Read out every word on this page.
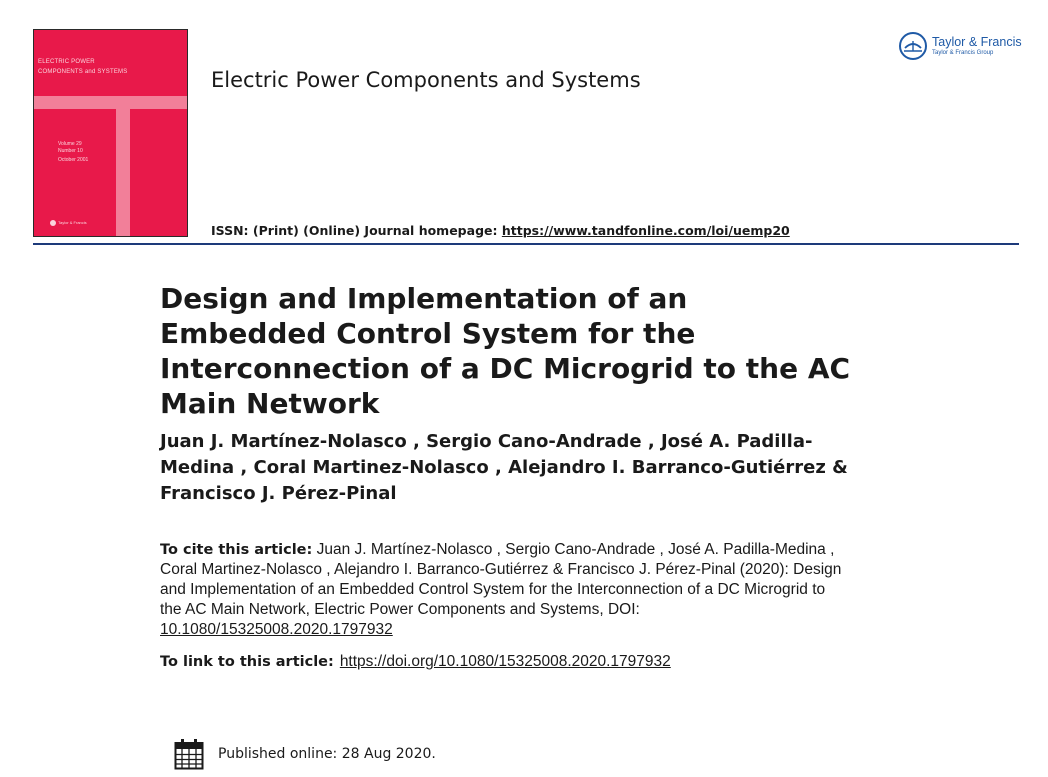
ELECTRIC POWER
COMPONENTS and SYSTEMS
Volume 29
Number 10
October 2001
Taylor & Francis
Electric Power Components and Systems
ISSN: (Print) (Online) Journal homepage: https://www.tandfonline.com/loi/uemp20
Taylor & Francis
Taylor & Francis Group
Design and Implementation of an Embedded Control System for the Interconnection of a DC Microgrid to the AC Main Network

Juan J. Martínez-Nolasco , Sergio Cano-Andrade , José A. Padilla-Medina , Coral Martinez-Nolasco , Alejandro I. Barranco-Gutiérrez & Francisco J. Pérez-Pinal

To cite this article: Juan J. Martínez-Nolasco , Sergio Cano-Andrade , José A. Padilla-Medina , Coral Martinez-Nolasco , Alejandro I. Barranco-Gutiérrez & Francisco J. Pérez-Pinal (2020): Design and Implementation of an Embedded Control System for the Interconnection of a DC Microgrid to the AC Main Network, Electric Power Components and Systems, DOI: 10.1080/15325008.2020.1797932

To link to this article: https://doi.org/10.1080/15325008.2020.1797932
Published online: 28 Aug 2020.
